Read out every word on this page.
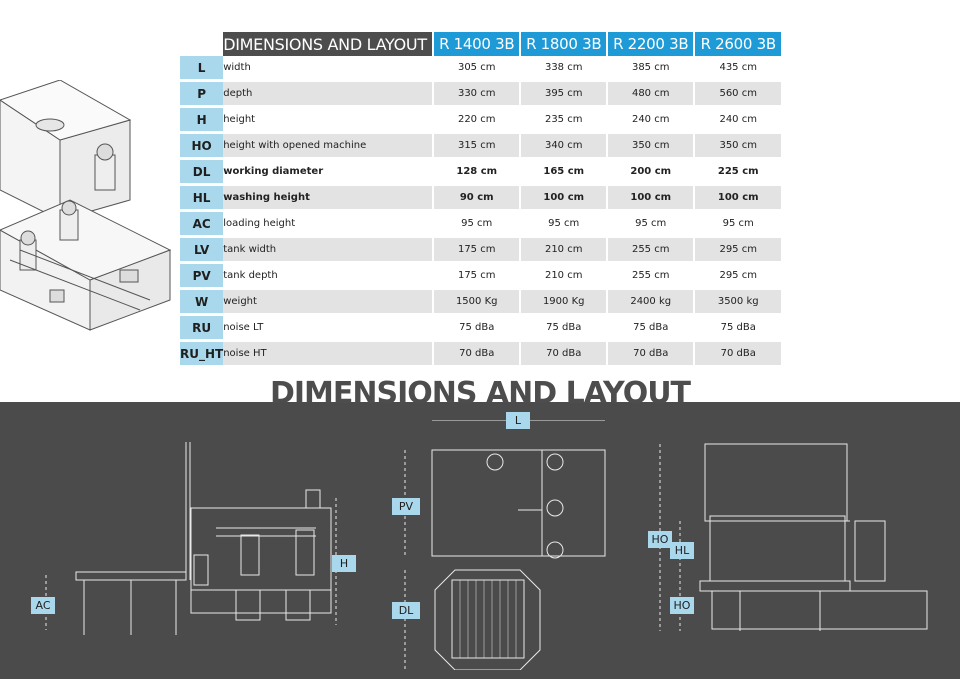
	DIMENSIONS AND LAYOUT	R 1400 3B	R 1800 3B	R 2200 3B	R 2600 3B
L	width	305 cm	338 cm	385 cm	435 cm
P	depth	330 cm	395 cm	480 cm	560 cm
H	height	220 cm	235 cm	240 cm	240 cm
HO	height with opened machine	315 cm	340 cm	350 cm	350 cm
DL	working diameter	128 cm	165 cm	200 cm	225 cm
HL	washing height	90 cm	100 cm	100 cm	100 cm
AC	loading height	95 cm	95 cm	95 cm	95 cm
LV	tank width	175 cm	210 cm	255 cm	295 cm
PV	tank depth	175 cm	210 cm	255 cm	295 cm
W	weight	1500 Kg	1900 Kg	2400 kg	3500 kg
RU	noise LT	75 dBa	75 dBa	75 dBa	75 dBa
RU_HT	noise HT	70 dBa	70 dBa	70 dBa	70 dBa
DIMENSIONS AND LAYOUT
AC
H
L
PV
DL
HO
HL
HO
